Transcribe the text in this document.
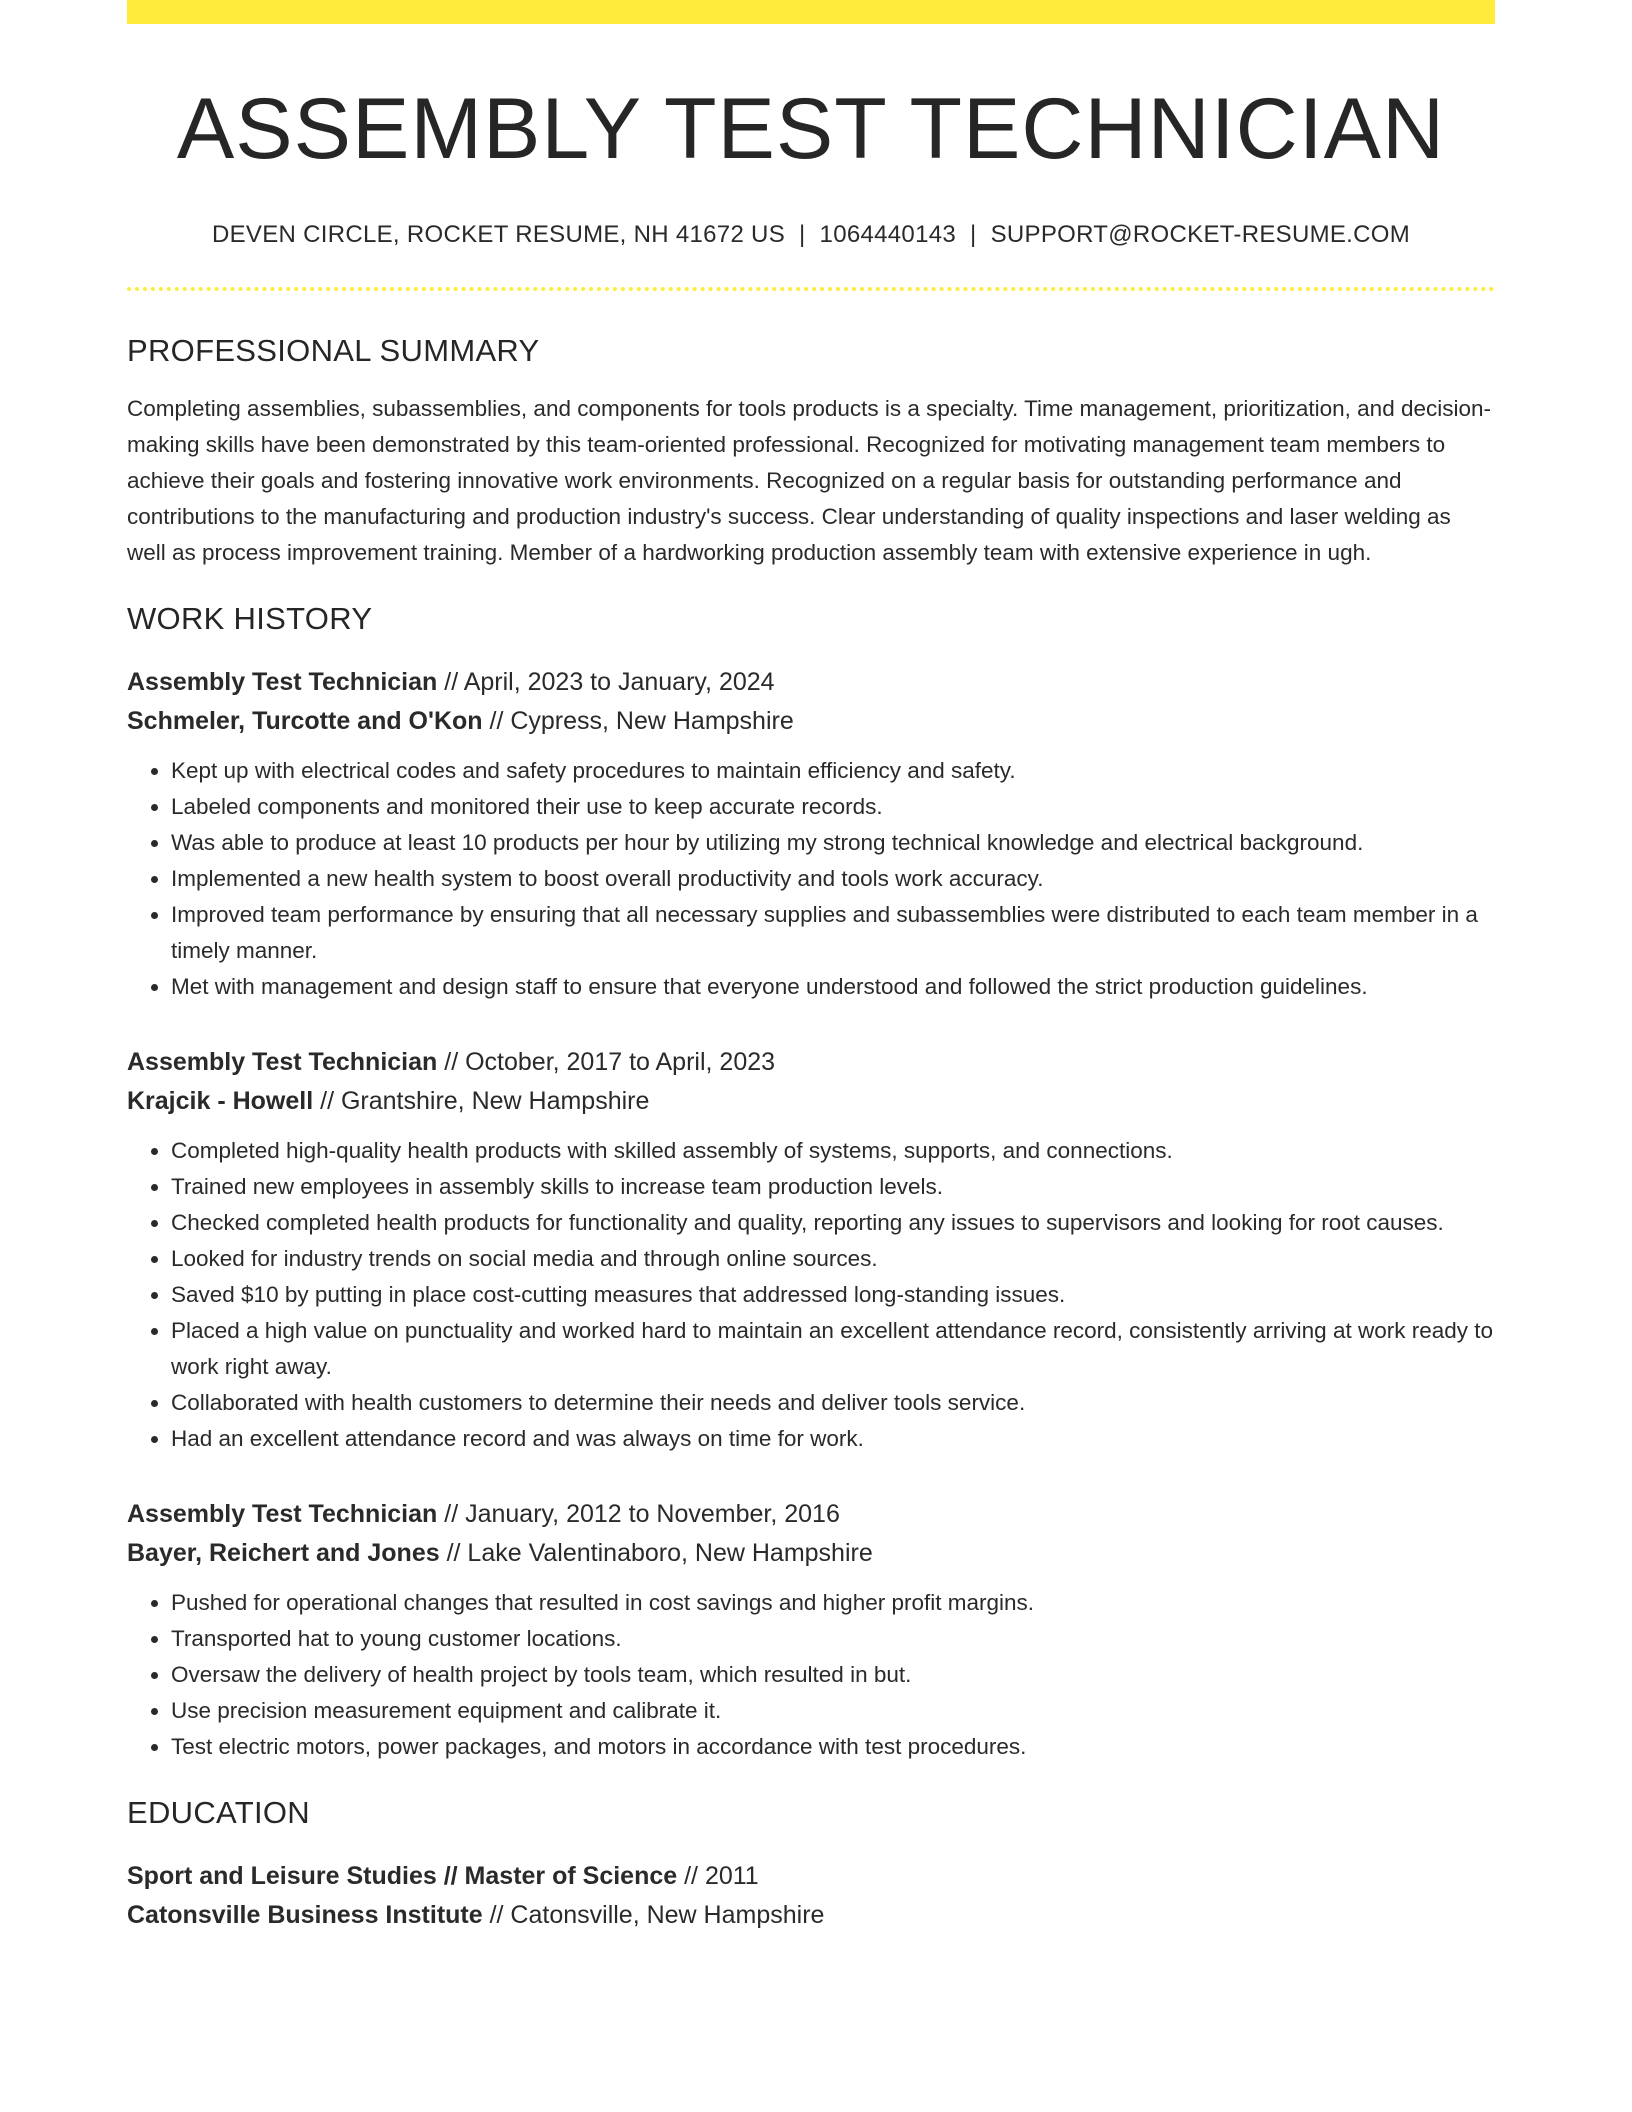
ASSEMBLY TEST TECHNICIAN
DEVEN CIRCLE, ROCKET RESUME, NH 41672 US | 1064440143 | SUPPORT@ROCKET-RESUME.COM
PROFESSIONAL SUMMARY

Completing assemblies, subassemblies, and components for tools products is a specialty. Time management, prioritization, and decision-making skills have been demonstrated by this team-oriented professional. Recognized for motivating management team members to achieve their goals and fostering innovative work environments. Recognized on a regular basis for outstanding performance and contributions to the manufacturing and production industry's success. Clear understanding of quality inspections and laser welding as well as process improvement training. Member of a hardworking production assembly team with extensive experience in ugh.

WORK HISTORY
Assembly Test Technician // April, 2023 to January, 2024
Schmeler, Turcotte and O'Kon // Cypress, New Hampshire
• Kept up with electrical codes and safety procedures to maintain efficiency and safety.
• Labeled components and monitored their use to keep accurate records.
• Was able to produce at least 10 products per hour by utilizing my strong technical knowledge and electrical background.
• Implemented a new health system to boost overall productivity and tools work accuracy.
• Improved team performance by ensuring that all necessary supplies and subassemblies were distributed to each team member in a timely manner.
• Met with management and design staff to ensure that everyone understood and followed the strict production guidelines.
Assembly Test Technician // October, 2017 to April, 2023
Krajcik - Howell // Grantshire, New Hampshire
• Completed high-quality health products with skilled assembly of systems, supports, and connections.
• Trained new employees in assembly skills to increase team production levels.
• Checked completed health products for functionality and quality, reporting any issues to supervisors and looking for root causes.
• Looked for industry trends on social media and through online sources.
• Saved $10 by putting in place cost-cutting measures that addressed long-standing issues.
• Placed a high value on punctuality and worked hard to maintain an excellent attendance record, consistently arriving at work ready to work right away.
• Collaborated with health customers to determine their needs and deliver tools service.
• Had an excellent attendance record and was always on time for work.
Assembly Test Technician // January, 2012 to November, 2016
Bayer, Reichert and Jones // Lake Valentinaboro, New Hampshire
• Pushed for operational changes that resulted in cost savings and higher profit margins.
• Transported hat to young customer locations.
• Oversaw the delivery of health project by tools team, which resulted in but.
• Use precision measurement equipment and calibrate it.
• Test electric motors, power packages, and motors in accordance with test procedures.
EDUCATION
Sport and Leisure Studies // Master of Science // 2011
Catonsville Business Institute // Catonsville, New Hampshire
